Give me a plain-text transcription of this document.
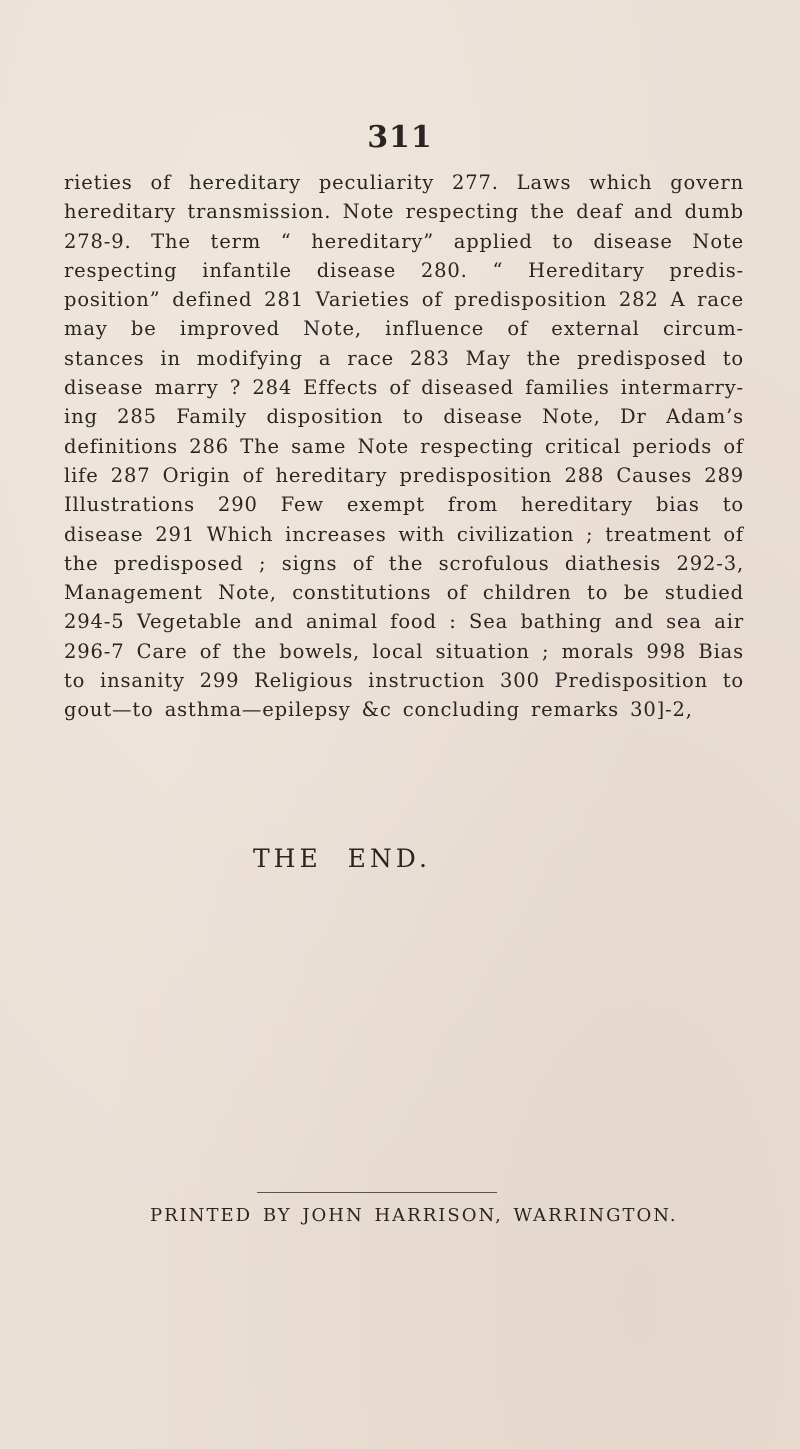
311

rieties of hereditary peculiarity 277. Laws which govern hereditary transmission. Note respecting the deaf and dumb 278-9. The term “ hereditary” applied to disease Note respecting infantile disease 280. “ Hereditary predis- position” defined 281 Varieties of predisposition 282 A race may be improved Note, influence of external circum- stances in modifying a race 283 May the predisposed to disease marry ? 284 Effects of diseased families intermarry- ing 285 Family disposition to disease Note, Dr Adam’s definitions 286 The same Note respecting critical periods of life 287 Origin of hereditary predisposition 288 Causes 289 Illustrations 290 Few exempt from hereditary bias to disease 291 Which increases with civilization ; treatment of the predisposed ; signs of the scrofulous diathesis 292-3, Management Note, constitutions of children to be studied 294-5 Vegetable and animal food : Sea bathing and sea air 296-7 Care of the bowels, local situation ; morals 998 Bias to insanity 299 Religious instruction 300 Predisposition to gout—to asthma—epilepsy &c concluding remarks 30]-2,

THE END.
PRINTED BY JOHN HARRISON, WARRINGTON.
